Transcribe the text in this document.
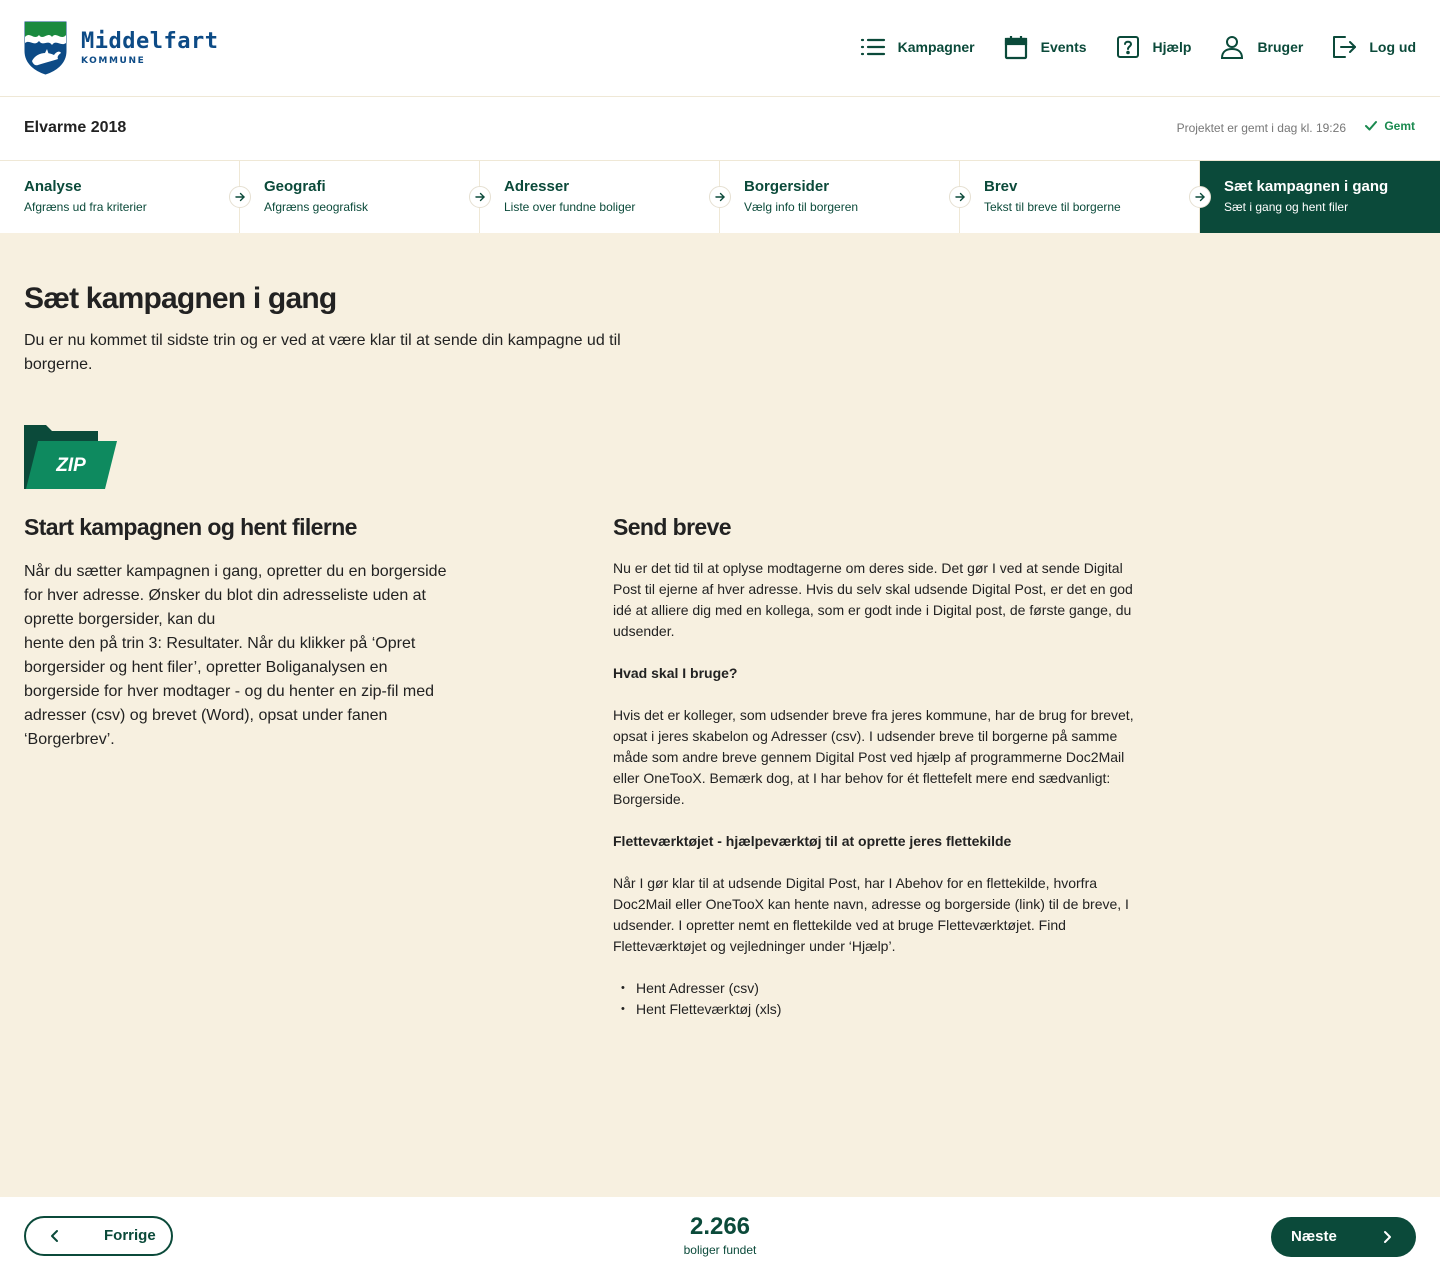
Middelfart
KOMMUNE
Kampagner	Events	Hjælp	Bruger	Log ud
Elvarme 2018	Projektet er gemt i dag kl. 19:26	Gemt
Analyse
Afgræns ud fra kriterier
Geografi
Afgræns geografisk
Adresser
Liste over fundne boliger
Borgersider
Vælg info til borgeren
Brev
Tekst til breve til borgerne
Sæt kampagnen i gang
Sæt i gang og hent filer
Sæt kampagnen i gang

Du er nu kommet til sidste trin og er ved at være klar til at sende din kampagne ud til borgerne.

ZIP
Start kampagnen og hent filerne

Når du sætter kampagnen i gang, opretter du en borgerside
for hver adresse. Ønsker du blot din adresseliste uden at
oprette borgersider, kan du
hente den på trin 3: Resultater. Når du klikker på ‘Opret
borgersider og hent filer’, opretter Boliganalysen en
borgerside for hver modtager - og du henter en zip-fil med
adresser (csv) og brevet (Word), opsat under fanen
‘Borgerbrev’.

Send breve

Nu er det tid til at oplyse modtagerne om deres side. Det gør I ved at sende Digital Post til ejerne af hver adresse. Hvis du selv skal udsende Digital Post, er det en god idé at alliere dig med en kollega, som er godt inde i Digital post, de første gange, du udsender.

Hvad skal I bruge?

Hvis det er kolleger, som udsender breve fra jeres kommune, har de brug for brevet, opsat i jeres skabelon og Adresser (csv). I udsender breve til borgerne på samme måde som andre breve gennem Digital Post ved hjælp af programmerne Doc2Mail eller OneTooX. Bemærk dog, at I har behov for ét flettefelt mere end sædvanligt: Borgerside.

Fletteværktøjet - hjælpeværktøj til at oprette jeres flettekilde

Når I gør klar til at udsende Digital Post, har I Abehov for en flettekilde, hvorfra Doc2Mail eller OneTooX kan hente navn, adresse og borgerside (link) til de breve, I udsender. I opretter nemt en flettekilde ved at bruge Fletteværktøjet. Find Fletteværktøjet og vejledninger under ‘Hjælp’.

• Hent Adresser (csv)
• Hent Fletteværktøj (xls)
Forrige	2.266
boliger fundet
Næste
